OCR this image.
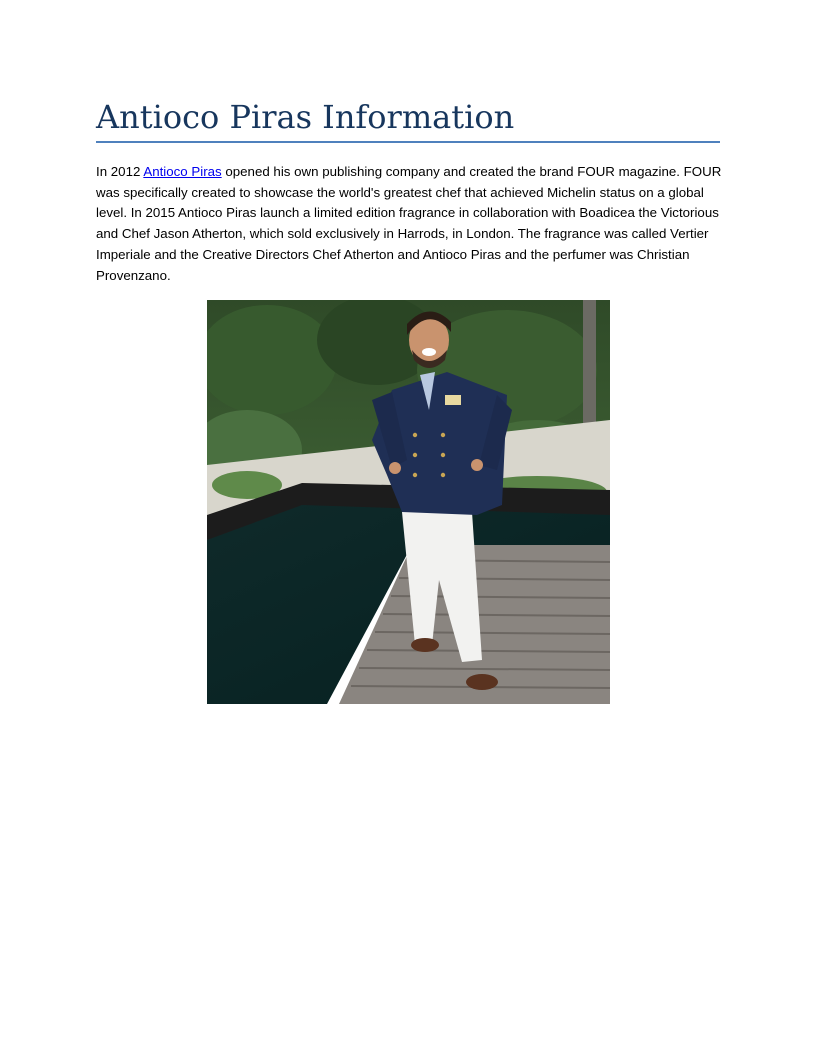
Antioco Piras Information

In 2012 Antioco Piras opened his own publishing company and created the brand FOUR magazine. FOUR was specifically created to showcase the world's greatest chef that achieved Michelin status on a global level. In 2015 Antioco Piras launch a limited edition fragrance in collaboration with Boadicea the Victorious and Chef Jason Atherton, which sold exclusively in Harrods, in London. The fragrance was called Vertier Imperiale and the Creative Directors Chef Atherton and Antioco Piras and the perfumer was Christian Provenzano.
